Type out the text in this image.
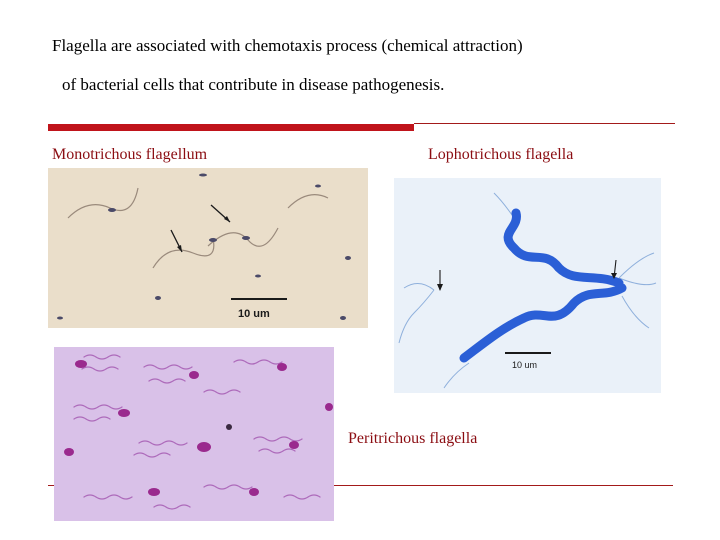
Flagella are associated with chemotaxis process (chemical attraction)
of bacterial cells that contribute in disease pathogenesis.
Monotrichous flagellum	Lophotrichous flagella
10 um
10 um
Peritrichous flagella
